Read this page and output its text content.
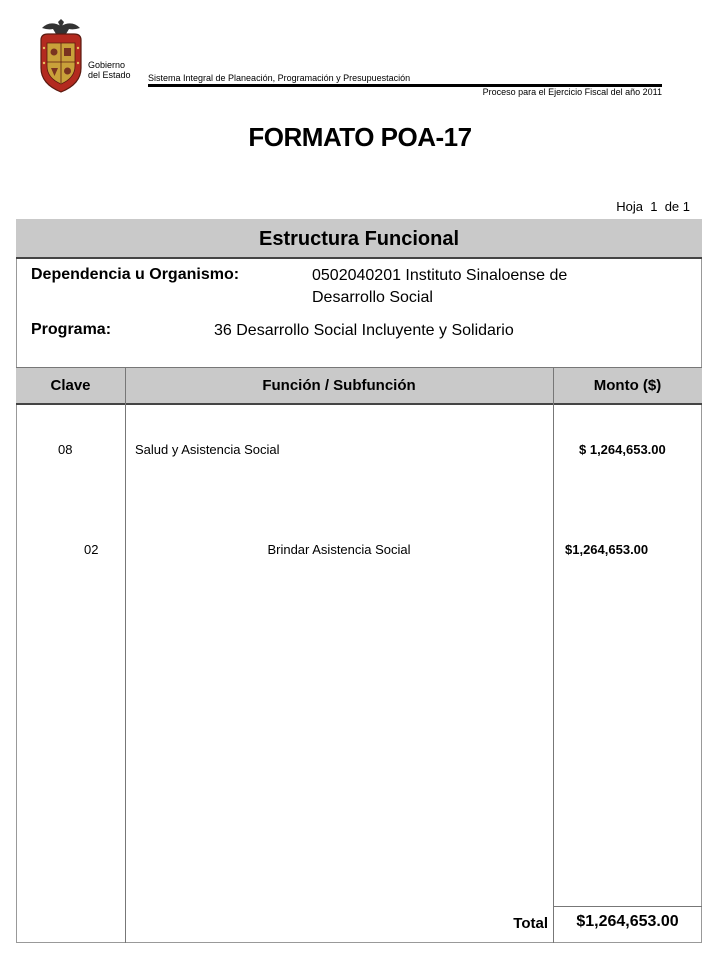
Gobierno
del Estado Sistema Integral de Planeación, Programación y Presupuestación
Proceso para el Ejercicio Fiscal del año 2011
FORMATO POA-17
Hoja  1  de 1
Estructura Funcional
Dependencia u Organismo:	0502040201 Instituto Sinaloense de Desarrollo Social
Programa:	36 Desarrollo Social Incluyente y Solidario
Clave	Función / Subfunción	Monto ($)
08	Salud y Asistencia Social	$ 1,264,653.00
02	Brindar Asistencia Social	$1,264,653.00
Total	$1,264,653.00
